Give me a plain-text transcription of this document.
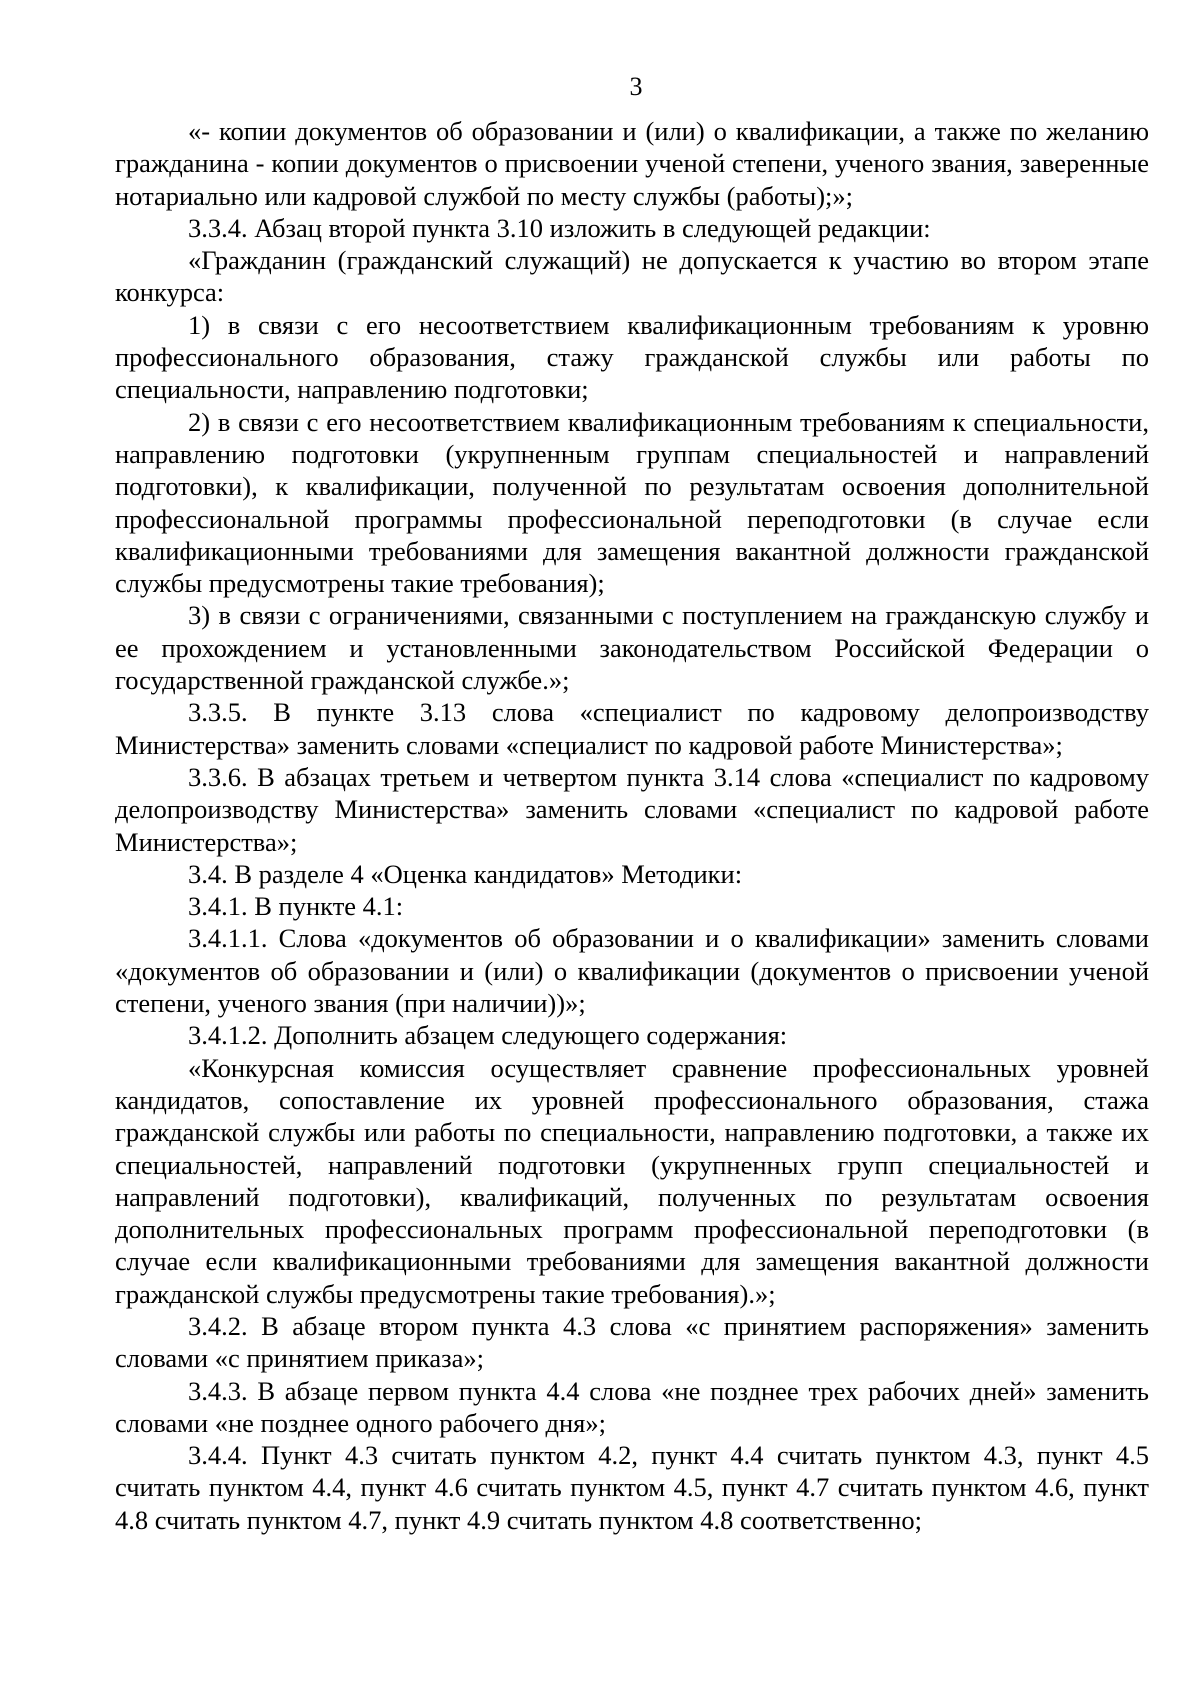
3

«- копии документов об образовании и (или) о квалификации, а также по желанию гражданина - копии документов о присвоении ученой степени, ученого звания, заверенные нотариально или кадровой службой по месту службы (работы);»;

3.3.4. Абзац второй пункта 3.10 изложить в следующей редакции:

«Гражданин (гражданский служащий) не допускается к участию во втором этапе конкурса:

1) в связи с его несоответствием квалификационным требованиям к уровню профессионального образования, стажу гражданской службы или работы по специальности, направлению подготовки;

2) в связи с его несоответствием квалификационным требованиям к специальности, направлению подготовки (укрупненным группам специальностей и направлений подготовки), к квалификации, полученной по результатам освоения дополнительной профессиональной программы профессиональной переподготовки (в случае если квалификационными требованиями для замещения вакантной должности гражданской службы предусмотрены такие требования);

3) в связи с ограничениями, связанными с поступлением на гражданскую службу и ее прохождением и установленными законодательством Российской Федерации о государственной гражданской службе.»;

3.3.5. В пункте 3.13 слова «специалист по кадровому делопроизводству Министерства» заменить словами «специалист по кадровой работе Министерства»;

3.3.6. В абзацах третьем и четвертом пункта 3.14 слова «специалист по кадровому делопроизводству Министерства» заменить словами «специалист по кадровой работе Министерства»;

3.4. В разделе 4 «Оценка кандидатов» Методики:

3.4.1. В пункте 4.1:

3.4.1.1. Слова «документов об образовании и о квалификации» заменить словами «документов об образовании и (или) о квалификации (документов о присвоении ученой степени, ученого звания (при наличии))»;

3.4.1.2. Дополнить абзацем следующего содержания:

«Конкурсная комиссия осуществляет сравнение профессиональных уровней кандидатов, сопоставление их уровней профессионального образования, стажа гражданской службы или работы по специальности, направлению подготовки, а также их специальностей, направлений подготовки (укрупненных групп специальностей и направлений подготовки), квалификаций, полученных по результатам освоения дополнительных профессиональных программ профессиональной переподготовки (в случае если квалификационными требованиями для замещения вакантной должности гражданской службы предусмотрены такие требования).»;

3.4.2. В абзаце втором пункта 4.3 слова «с принятием распоряжения» заменить словами «с принятием приказа»;

3.4.3. В абзаце первом пункта 4.4 слова «не позднее трех рабочих дней» заменить словами «не позднее одного рабочего дня»;

3.4.4. Пункт 4.3 считать пунктом 4.2, пункт 4.4 считать пунктом 4.3, пункт 4.5 считать пунктом 4.4, пункт 4.6 считать пунктом 4.5, пункт 4.7 считать пунктом 4.6, пункт 4.8 считать пунктом 4.7, пункт 4.9 считать пунктом 4.8 соответственно;
